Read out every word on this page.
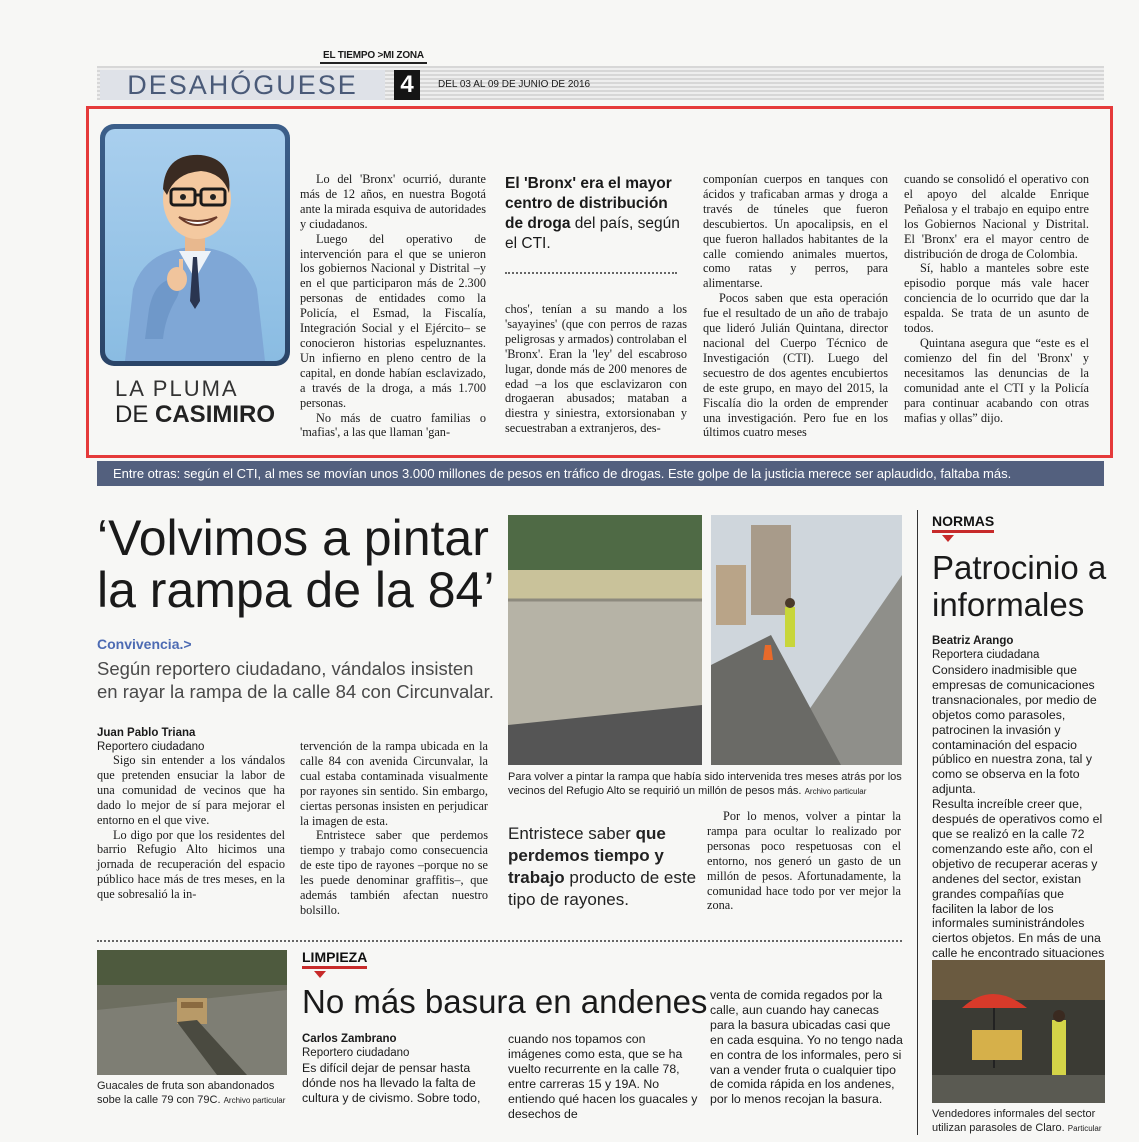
EL TIEMPO >MI ZONA
DESAHÓGUESE	4	DEL 03 AL 09 DE JUNIO DE 2016
LA PLUMA
DE CASIMIRO

Lo del 'Bronx' ocurrió, durante más de 12 años, en nuestra Bogotá ante la mirada esquiva de autoridades y ciudadanos.

Luego del operativo de intervención para el que se unieron los gobiernos Nacional y Distrital –y en el que participaron más de 2.300 personas de entidades como la Policía, el Esmad, la Fiscalía, Integración Social y el Ejército– se conocieron historias espeluznantes. Un infierno en pleno centro de la capital, en donde habían esclavizado, a través de la droga, a más 1.700 personas.

No más de cuatro familias o 'mafias', a las que llaman 'gan-

El 'Bronx' era el mayor centro de distribución de droga del país, según el CTI.

chos', tenían a su mando a los 'sayayines' (que con perros de razas peligrosas y armados) controlaban el 'Bronx'. Eran la 'ley' del escabroso lugar, donde más de 200 menores de edad –a los que esclavizaron con drogaeran abusados; mataban a diestra y siniestra, extorsionaban y secuestraban a extranjeros, des-

componían cuerpos en tanques con ácidos y traficaban armas y droga a través de túneles que fueron descubiertos. Un apocalipsis, en el que fueron hallados habitantes de la calle comiendo animales muertos, como ratas y perros, para alimentarse.

Pocos saben que esta operación fue el resultado de un año de trabajo que lideró Julián Quintana, director nacional del Cuerpo Técnico de Investigación (CTI). Luego del secuestro de dos agentes encubiertos de este grupo, en mayo del 2015, la Fiscalía dio la orden de emprender una investigación. Pero fue en los últimos cuatro meses

cuando se consolidó el operativo con el apoyo del alcalde Enrique Peñalosa y el trabajo en equipo entre los Gobiernos Nacional y Distrital. El 'Bronx' era el mayor centro de distribución de droga de Colombia.

Sí, hablo a manteles sobre este episodio porque más vale hacer conciencia de lo ocurrido que dar la espalda. Se trata de un asunto de todos.

Quintana asegura que “este es el comienzo del fin del 'Bronx' y necesitamos las denuncias de la comunidad ante el CTI y la Policía para continuar acabando con otras mafias y ollas” dijo.

Entre otras: según el CTI, al mes se movían unos 3.000 millones de pesos en tráfico de drogas. Este golpe de la justicia merece ser aplaudido, faltaba más.
‘Volvimos a pintar la rampa de la 84’
Convivencia.>
Según reportero ciudadano, vándalos insisten en rayar la rampa de la calle 84 con Circunvalar.
Juan Pablo Triana
Reportero ciudadano

Sigo sin entender a los vándalos que pretenden ensuciar la labor de una comunidad de vecinos que ha dado lo mejor de sí para mejorar el entorno en el que vive.

Lo digo por que los residentes del barrio Refugio Alto hicimos una jornada de recuperación del espacio público hace más de tres meses, en la que sobresalió la in-

tervención de la rampa ubicada en la calle 84 con avenida Circunvalar, la cual estaba contaminada visualmente por rayones sin sentido. Sin embargo, ciertas personas insisten en perjudicar la imagen de esta.

Entristece saber que perdemos tiempo y trabajo como consecuencia de este tipo de rayones –porque no se les puede denominar graffitis–, que además también afectan nuestro bolsillo.

Para volver a pintar la rampa que había sido intervenida tres meses atrás por los vecinos del Refugio Alto se requirió un millón de pesos más. Archivo particular
Entristece saber que perdemos tiempo y trabajo producto de este tipo de rayones.

Por lo menos, volver a pintar la rampa para ocultar lo realizado por personas poco respetuosas con el entorno, nos generó un gasto de un millón de pesos. Afortunadamente, la comunidad hace todo por ver mejor la zona.

NORMAS
Patrocinio a informales
Beatriz Arango
Reportera ciudadana
Considero inadmisible que empresas de comunicaciones transnacionales, por medio de objetos como parasoles, patrocinen la invasión y contaminación del espacio público en nuestra zona, tal y como se observa en la foto adjunta.
Resulta increíble creer que, después de operativos como el que se realizó en la calle 72 comenzando este año, con el objetivo de recuperar aceras y andenes del sector, existan grandes compañías que faciliten la labor de los informales suministrándoles ciertos objetos. En más de una calle he encontrado situaciones
Vendedores informales del sector utilizan parasoles de Claro. Particular
Guacales de fruta son abandonados sobe la calle 79 con 79C. Archivo particular
LIMPIEZA
No más basura en andenes
Carlos Zambrano
Reportero ciudadano
Es difícil dejar de pensar hasta dónde nos ha llevado la falta de cultura y de civismo. Sobre todo,
cuando nos topamos con imágenes como esta, que se ha vuelto recurrente en la calle 78, entre carreras 15 y 19A. No entiendo qué hacen los guacales y desechos de
venta de comida regados por la calle, aun cuando hay canecas para la basura ubicadas casi que en cada esquina. Yo no tengo nada en contra de los informales, pero si van a vender fruta o cualquier tipo de comida rápida en los andenes, por lo menos recojan la basura.
